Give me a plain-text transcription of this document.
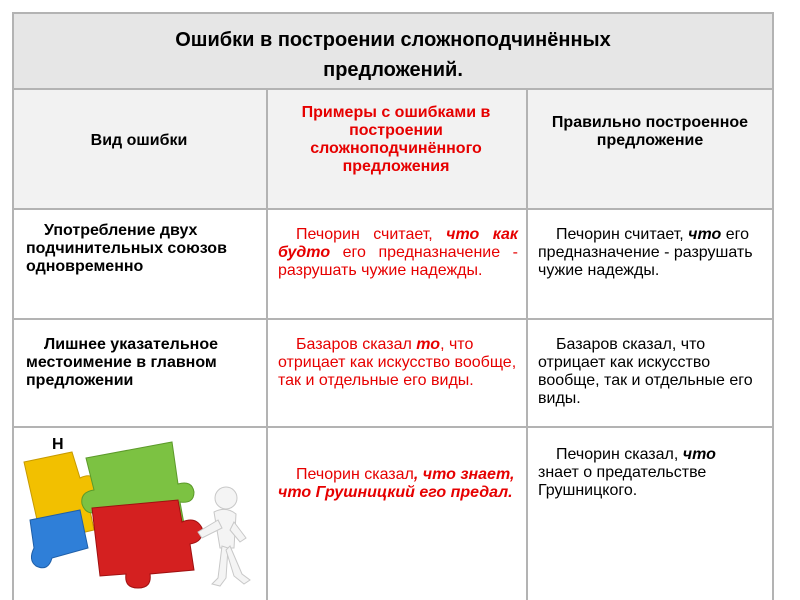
Ошибки в построении сложноподчинённых предложений.
Вид ошибки
Примеры с ошибками в построении сложноподчинённого предложения
Правильно построенное предложение
Употребление двух подчинительных союзов одновременно
Печорин считает, что как будто его предназначение - разрушать чужие надежды.
Печорин считает, что его предназначение - разрушать чужие надежды.
Лишнее указательное местоимение в главном предложении
Базаров сказал то, что отрицает как искусство вообще, так и отдельные его виды.
Базаров сказал, что отрицает как искусство вообще, так и отдельные его виды.
Н
Печорин сказал, что знает, что Грушницкий его предал.
Печорин сказал, что знает о предательстве Грушницкого.
